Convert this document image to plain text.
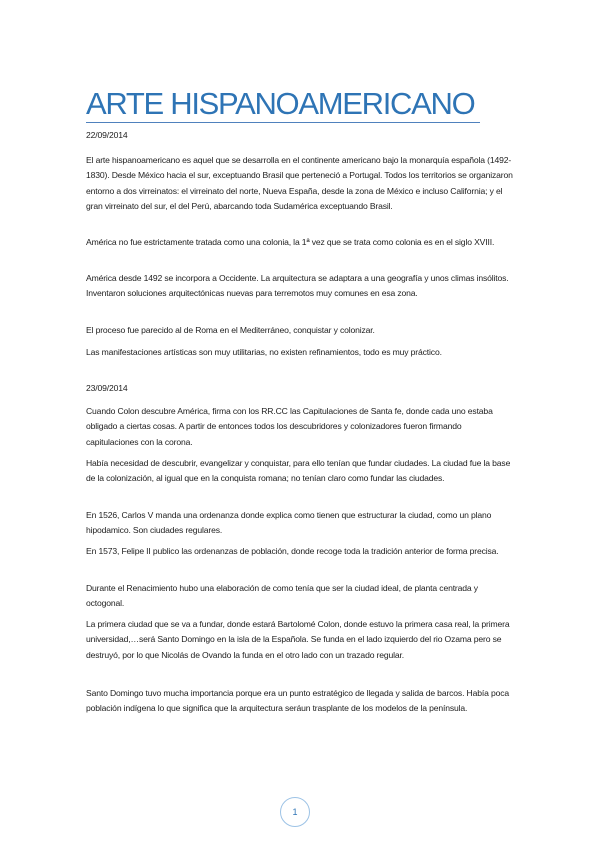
ARTE HISPANOAMERICANO

22/09/2014

El arte hispanoamericano es aquel que se desarrolla en el continente americano bajo la monarquía española (1492-1830). Desde México hacia el sur, exceptuando Brasil que perteneció a Portugal. Todos los territorios se organizaron entorno a dos virreinatos: el virreinato del norte, Nueva España, desde la zona de México e incluso California; y el gran virreinato del sur, el del Perú, abarcando toda Sudamérica exceptuando Brasil.

América no fue estrictamente tratada como una colonia, la 1ª vez que se trata como colonia es en el siglo XVIII.

América desde 1492 se incorpora a Occidente. La arquitectura se adaptara a una geografía y unos climas insólitos. Inventaron soluciones arquitectónicas nuevas para terremotos muy comunes en esa zona.

El proceso fue parecido al de Roma en el Mediterráneo, conquistar y colonizar.

Las manifestaciones artísticas son muy utilitarias, no existen refinamientos, todo es muy práctico.

23/09/2014

Cuando Colon descubre América, firma con los RR.CC las Capitulaciones de Santa fe, donde cada uno estaba obligado a ciertas cosas. A partir de entonces todos los descubridores y colonizadores fueron firmando capitulaciones con la corona.

Había necesidad de descubrir, evangelizar y conquistar, para ello tenían que fundar ciudades. La ciudad fue la base de la colonización, al igual que en la conquista romana; no tenían claro como fundar las ciudades.

En 1526, Carlos V manda una ordenanza donde explica como tienen que estructurar la ciudad, como un plano hipodamico. Son ciudades regulares.

En 1573, Felipe II publico las ordenanzas de población, donde recoge toda la tradición anterior de forma precisa.

Durante el Renacimiento hubo una elaboración de como tenía que ser la ciudad ideal, de planta centrada y octogonal.

La primera ciudad que se va a fundar, donde estará Bartolomé Colon, donde estuvo la primera casa real, la primera universidad,…será Santo Domingo en la isla de la Española. Se funda en el lado izquierdo del rio Ozama pero se destruyó, por lo que Nicolás de Ovando la funda en el otro lado con un trazado regular.

Santo Domingo tuvo mucha importancia porque era un punto estratégico de llegada y salida de barcos. Había poca población indígena lo que significa que la arquitectura seráun trasplante de los modelos de la península.

1
